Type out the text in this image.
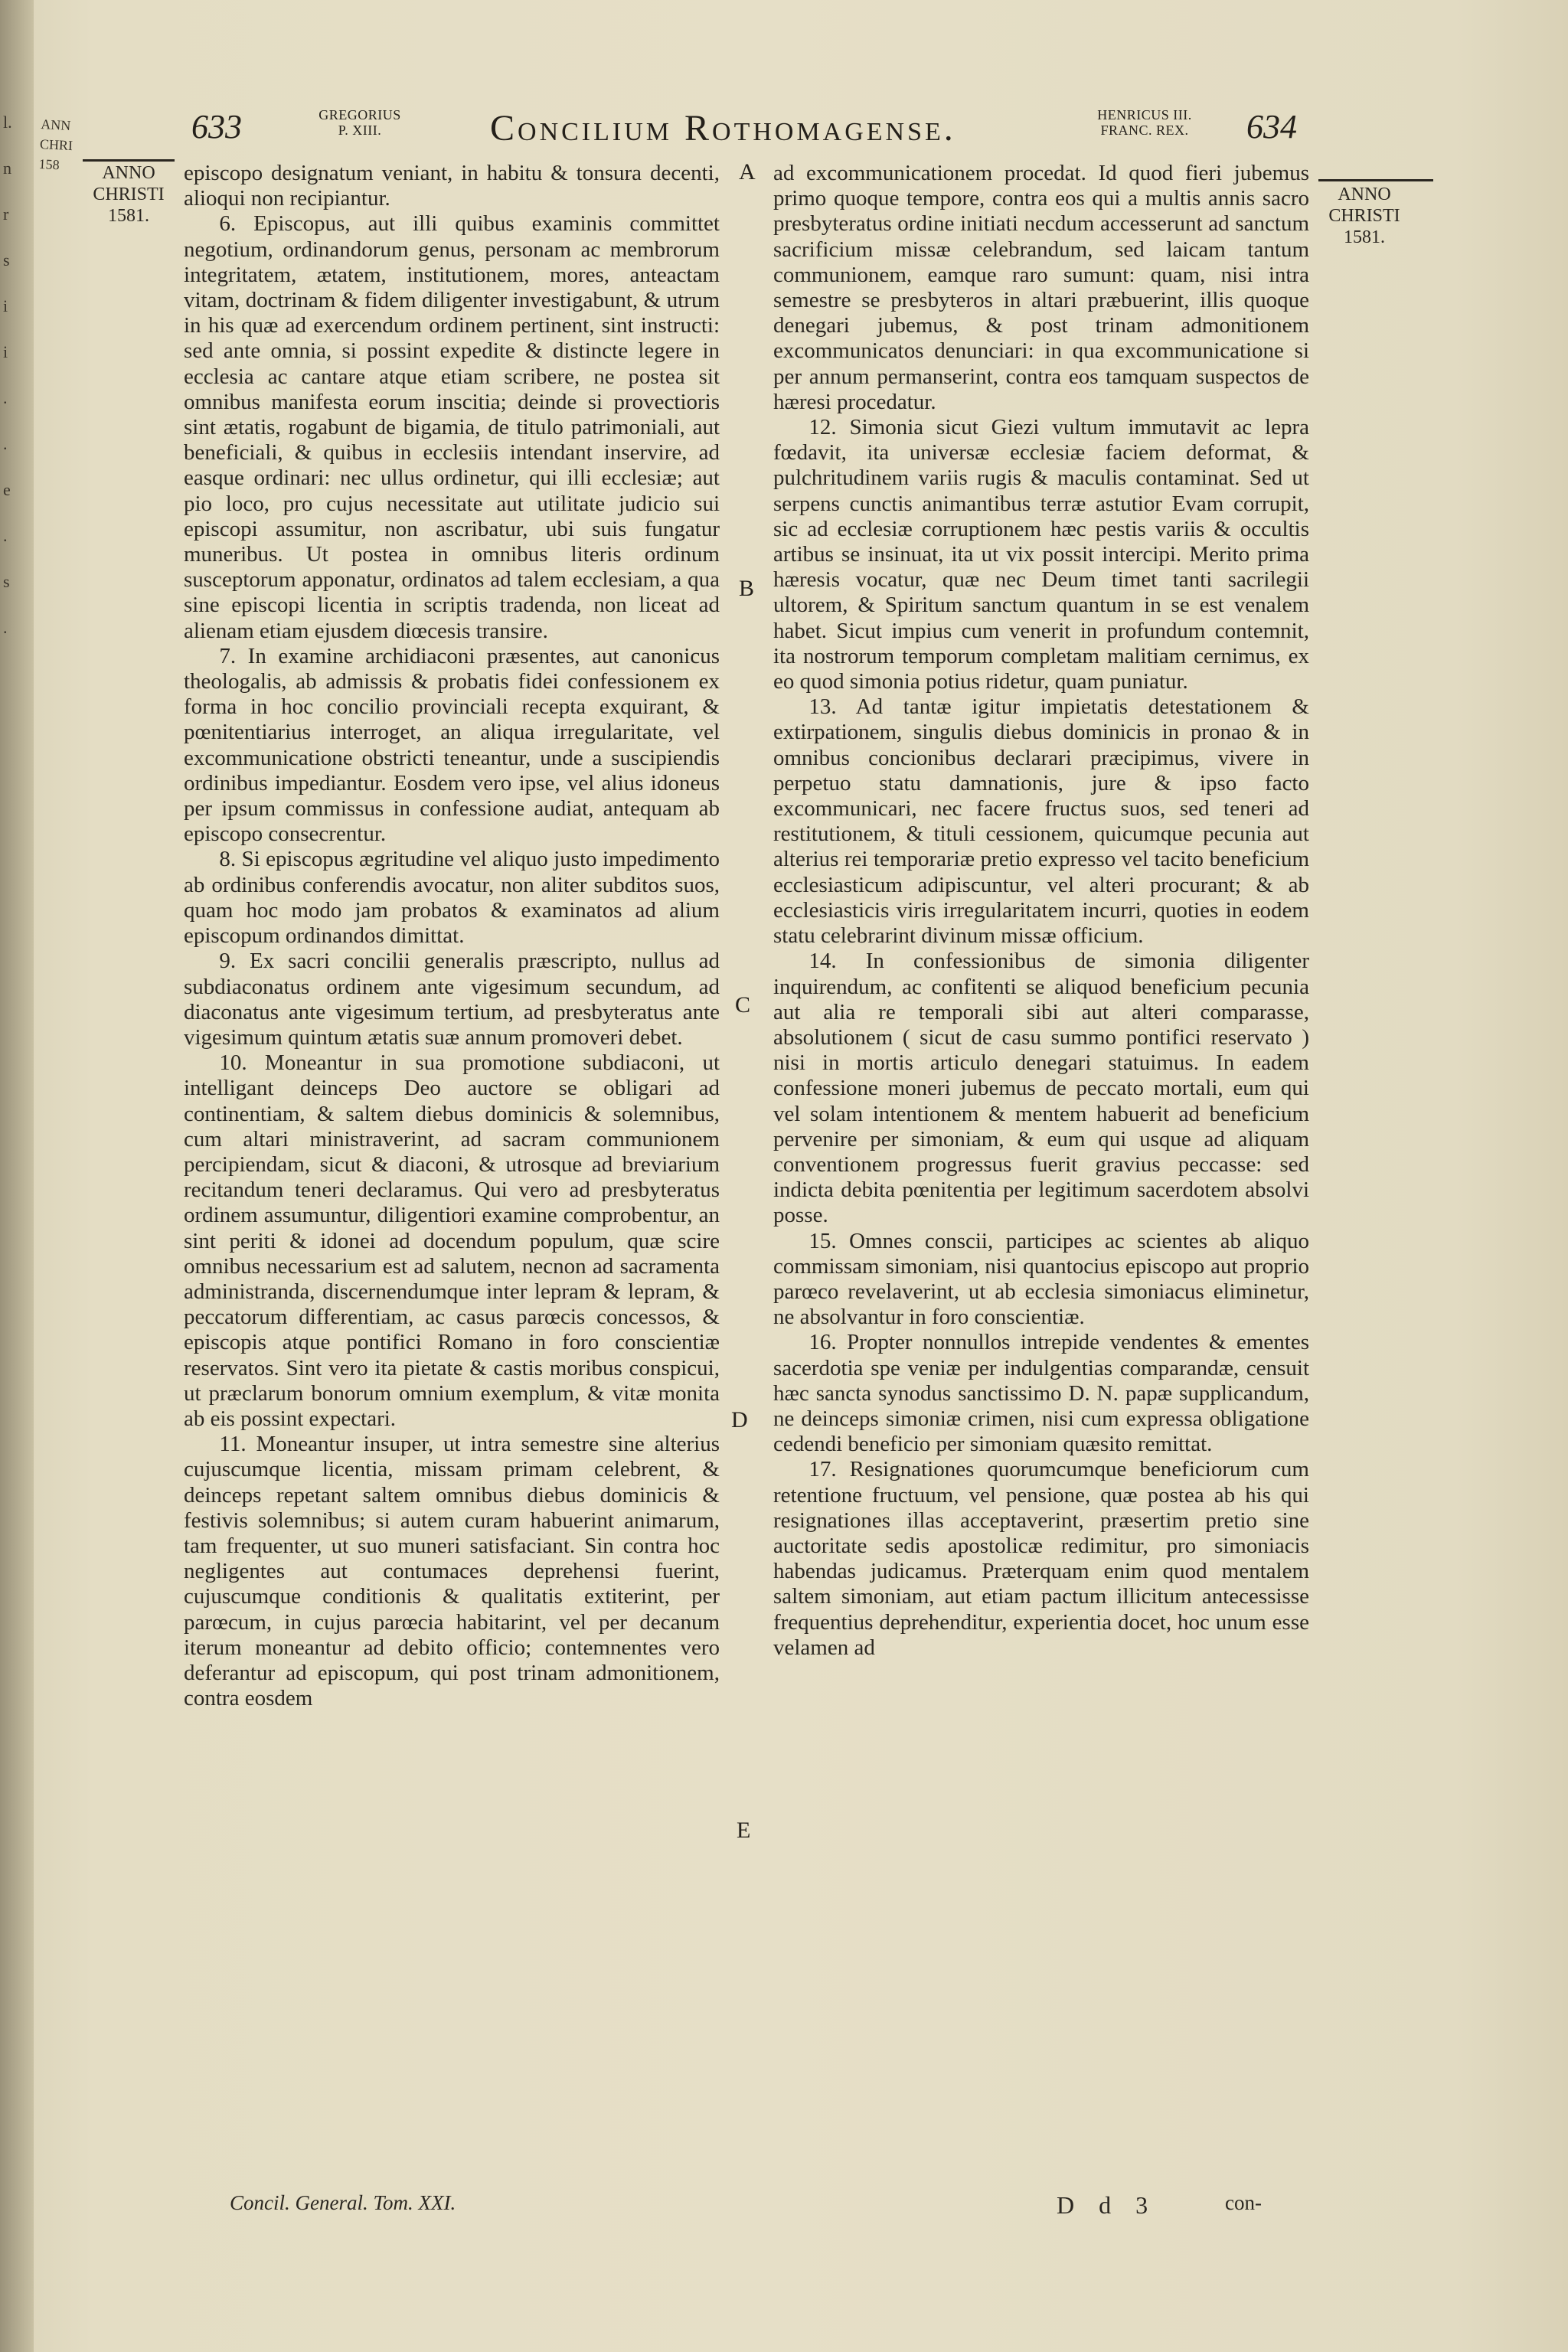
l.
n
r
s
i
i
.
.
e
.
s
.
ANN CHRI 158
633	GREGORIUS
P. XIII.	Concilium Rothomagense.	HENRICUS III.
FRANC. REX.	634
ANNO
CHRISTI
1581.
ANNO
CHRISTI
1581.

episcopo designatum veniant, in habitu & tonsura decenti, alioqui non recipiantur.

6. Episcopus, aut illi quibus examinis committet negotium, ordinandorum genus, personam ac membrorum integritatem, ætatem, institutionem, mores, anteactam vitam, doctrinam & fidem diligenter investigabunt, & utrum in his quæ ad exercendum ordinem pertinent, sint instructi: sed ante omnia, si possint expedite & distincte legere in ecclesia ac cantare atque etiam scribere, ne postea sit omnibus manifesta eorum inscitia; deinde si provectioris sint ætatis, rogabunt de bigamia, de titulo patrimoniali, aut beneficiali, & quibus in ecclesiis intendant inservire, ad easque ordinari: nec ullus ordinetur, qui illi ecclesiæ; aut pio loco, pro cujus necessitate aut utilitate judicio sui episcopi assumitur, non ascribatur, ubi suis fungatur muneribus. Ut postea in omnibus literis ordinum susceptorum apponatur, ordinatos ad talem ecclesiam, a qua sine episcopi licentia in scriptis tradenda, non liceat ad alienam etiam ejusdem diœcesis transire.

7. In examine archidiaconi præsentes, aut canonicus theologalis, ab admissis & probatis fidei confessionem ex forma in hoc concilio provinciali recepta exquirant, & pœnitentiarius interroget, an aliqua irregularitate, vel excommunicatione obstricti teneantur, unde a suscipiendis ordinibus impediantur. Eosdem vero ipse, vel alius idoneus per ipsum commissus in confessione audiat, antequam ab episcopo consecrentur.

8. Si episcopus ægritudine vel aliquo justo impedimento ab ordinibus conferendis avocatur, non aliter subditos suos, quam hoc modo jam probatos & examinatos ad alium episcopum ordinandos dimittat.

9. Ex sacri concilii generalis præscripto, nullus ad subdiaconatus ordinem ante vigesimum secundum, ad diaconatus ante vigesimum tertium, ad presbyteratus ante vigesimum quintum ætatis suæ annum promoveri debet.

10. Moneantur in sua promotione subdiaconi, ut intelligant deinceps Deo auctore se obligari ad continentiam, & saltem diebus dominicis & solemnibus, cum altari ministraverint, ad sacram communionem percipiendam, sicut & diaconi, & utrosque ad breviarium recitandum teneri declaramus. Qui vero ad presbyteratus ordinem assumuntur, diligentiori examine comprobentur, an sint periti & idonei ad docendum populum, quæ scire omnibus necessarium est ad salutem, necnon ad sacramenta administranda, discernendumque inter lepram & lepram, & peccatorum differentiam, ac casus parœcis concessos, & episcopis atque pontifici Romano in foro conscientiæ reservatos. Sint vero ita pietate & castis moribus conspicui, ut præclarum bonorum omnium exemplum, & vitæ monita ab eis possint expectari.

11. Moneantur insuper, ut intra semestre sine alterius cujuscumque licentia, missam primam celebrent, & deinceps repetant saltem omnibus diebus dominicis & festivis solemnibus; si autem curam habuerint animarum, tam frequenter, ut suo muneri satisfaciant. Sin contra hoc negligentes aut contumaces deprehensi fuerint, cujuscumque conditionis & qualitatis extiterint, per parœcum, in cujus parœcia habitarint, vel per decanum iterum moneantur ad debito officio; contemnentes vero deferantur ad episcopum, qui post trinam admonitionem, contra eosdem

ad excommunicationem procedat. Id quod fieri jubemus primo quoque tempore, contra eos qui a multis annis sacro presbyteratus ordine initiati necdum accesserunt ad sanctum sacrificium missæ celebrandum, sed laicam tantum communionem, eamque raro sumunt: quam, nisi intra semestre se presbyteros in altari præbuerint, illis quoque denegari jubemus, & post trinam admonitionem excommunicatos denunciari: in qua excommunicatione si per annum permanserint, contra eos tamquam suspectos de hæresi procedatur.

12. Simonia sicut Giezi vultum immutavit ac lepra fœdavit, ita universæ ecclesiæ faciem deformat, & pulchritudinem variis rugis & maculis contaminat. Sed ut serpens cunctis animantibus terræ astutior Evam corrupit, sic ad ecclesiæ corruptionem hæc pestis variis & occultis artibus se insinuat, ita ut vix possit intercipi. Merito prima hæresis vocatur, quæ nec Deum timet tanti sacrilegii ultorem, & Spiritum sanctum quantum in se est venalem habet. Sicut impius cum venerit in profundum contemnit, ita nostrorum temporum completam malitiam cernimus, ex eo quod simonia potius ridetur, quam puniatur.

13. Ad tantæ igitur impietatis detestationem & extirpationem, singulis diebus dominicis in pronao & in omnibus concionibus declarari præcipimus, vivere in perpetuo statu damnationis, jure & ipso facto excommunicari, nec facere fructus suos, sed teneri ad restitutionem, & tituli cessionem, quicumque pecunia aut alterius rei temporariæ pretio expresso vel tacito beneficium ecclesiasticum adipiscuntur, vel alteri procurant; & ab ecclesiasticis viris irregularitatem incurri, quoties in eodem statu celebrarint divinum missæ officium.

14. In confessionibus de simonia diligenter inquirendum, ac confitenti se aliquod beneficium pecunia aut alia re temporali sibi aut alteri comparasse, absolutionem ( sicut de casu summo pontifici reservato ) nisi in mortis articulo denegari statuimus. In eadem confessione moneri jubemus de peccato mortali, eum qui vel solam intentionem & mentem habuerit ad beneficium pervenire per simoniam, & eum qui usque ad aliquam conventionem progressus fuerit gravius peccasse: sed indicta debita pœnitentia per legitimum sacerdotem absolvi posse.

15. Omnes conscii, participes ac scientes ab aliquo commissam simoniam, nisi quantocius episcopo aut proprio parœco revelaverint, ut ab ecclesia simoniacus eliminetur, ne absolvantur in foro conscientiæ.

16. Propter nonnullos intrepide vendentes & ementes sacerdotia spe veniæ per indulgentias comparandæ, censuit hæc sancta synodus sanctissimo D. N. papæ supplicandum, ne deinceps simoniæ crimen, nisi cum expressa obligatione cedendi beneficio per simoniam quæsito remittat.

17. Resignationes quorumcumque beneficiorum cum retentione fructuum, vel pensione, quæ postea ab his qui resignationes illas acceptaverint, præsertim pretio sine auctoritate sedis apostolicæ redimitur, pro simoniacis habendas judicamus. Præterquam enim quod mentalem saltem simoniam, aut etiam pactum illicitum antecessisse frequentius deprehenditur, experientia docet, hoc unum esse velamen ad

A
B
C
D
E
Concil. General. Tom. XXI.	D d 3	con-
